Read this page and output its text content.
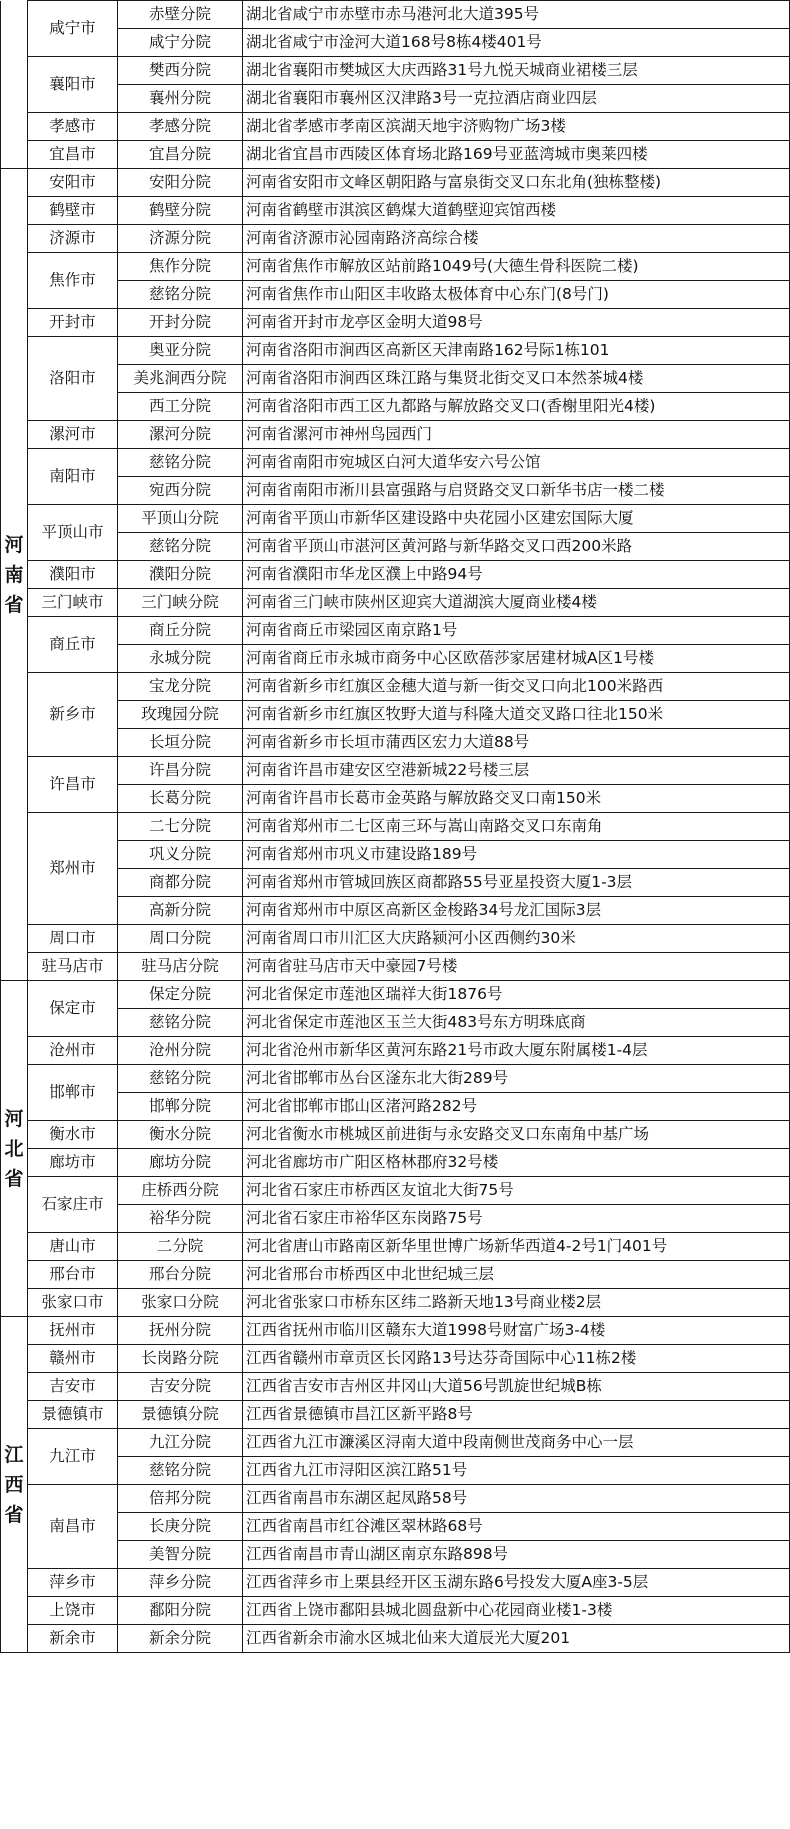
	咸宁市	赤壁分院	湖北省咸宁市赤壁市赤马港河北大道395号
		咸宁分院	湖北省咸宁市淦河大道168号8栋4楼401号
	襄阳市	樊西分院	湖北省襄阳市樊城区大庆西路31号九悦天城商业裙楼三层
		襄州分院	湖北省襄阳市襄州区汉津路3号一克拉酒店商业四层
	孝感市	孝感分院	湖北省孝感市孝南区滨湖天地宇济购物广场3楼
	宜昌市	宜昌分院	湖北省宜昌市西陵区体育场北路169号亚蓝湾城市奥莱四楼
河南省	安阳市	安阳分院	河南省安阳市文峰区朝阳路与富泉街交叉口东北角(独栋整楼)
	鹤壁市	鹤壁分院	河南省鹤壁市淇滨区鹤煤大道鹤壁迎宾馆西楼
	济源市	济源分院	河南省济源市沁园南路济高综合楼
	焦作市	焦作分院	河南省焦作市解放区站前路1049号(大德生骨科医院二楼)
		慈铭分院	河南省焦作市山阳区丰收路太极体育中心东门(8号门)
	开封市	开封分院	河南省开封市龙亭区金明大道98号
	洛阳市	奥亚分院	河南省洛阳市涧西区高新区天津南路162号际1栋101
		美兆涧西分院	河南省洛阳市涧西区珠江路与集贤北街交叉口本然茶城4楼
		西工分院	河南省洛阳市西工区九都路与解放路交叉口(香榭里阳光4楼)
	漯河市	漯河分院	河南省漯河市神州鸟园西门
	南阳市	慈铭分院	河南省南阳市宛城区白河大道华安六号公馆
		宛西分院	河南省南阳市淅川县富强路与启贤路交叉口新华书店一楼二楼
	平顶山市	平顶山分院	河南省平顶山市新华区建设路中央花园小区建宏国际大厦
		慈铭分院	河南省平顶山市湛河区黄河路与新华路交叉口西200米路
	濮阳市	濮阳分院	河南省濮阳市华龙区濮上中路94号
	三门峡市	三门峡分院	河南省三门峡市陕州区迎宾大道湖滨大厦商业楼4楼
	商丘市	商丘分院	河南省商丘市梁园区南京路1号
		永城分院	河南省商丘市永城市商务中心区欧蓓莎家居建材城A区1号楼
	新乡市	宝龙分院	河南省新乡市红旗区金穗大道与新一街交叉口向北100米路西
		玫瑰园分院	河南省新乡市红旗区牧野大道与科隆大道交叉路口往北150米
		长垣分院	河南省新乡市长垣市蒲西区宏力大道88号
	许昌市	许昌分院	河南省许昌市建安区空港新城22号楼三层
		长葛分院	河南省许昌市长葛市金英路与解放路交叉口南150米
	郑州市	二七分院	河南省郑州市二七区南三环与嵩山南路交叉口东南角
		巩义分院	河南省郑州市巩义市建设路189号
		商都分院	河南省郑州市管城回族区商都路55号亚星投资大厦1-3层
		高新分院	河南省郑州市中原区高新区金梭路34号龙汇国际3层
	周口市	周口分院	河南省周口市川汇区大庆路颍河小区西侧约30米
	驻马店市	驻马店分院	河南省驻马店市天中豪园7号楼
河北省	保定市	保定分院	河北省保定市莲池区瑞祥大街1876号
		慈铭分院	河北省保定市莲池区玉兰大街483号东方明珠底商
	沧州市	沧州分院	河北省沧州市新华区黄河东路21号市政大厦东附属楼1-4层
	邯郸市	慈铭分院	河北省邯郸市丛台区滏东北大街289号
		邯郸分院	河北省邯郸市邯山区渚河路282号
	衡水市	衡水分院	河北省衡水市桃城区前进街与永安路交叉口东南角中基广场
	廊坊市	廊坊分院	河北省廊坊市广阳区格林郡府32号楼
	石家庄市	庄桥西分院	河北省石家庄市桥西区友谊北大街75号
		裕华分院	河北省石家庄市裕华区东岗路75号
	唐山市	二分院	河北省唐山市路南区新华里世博广场新华西道4-2号1门401号
	邢台市	邢台分院	河北省邢台市桥西区中北世纪城三层
	张家口市	张家口分院	河北省张家口市桥东区纬二路新天地13号商业楼2层
江西省	抚州市	抚州分院	江西省抚州市临川区赣东大道1998号财富广场3-4楼
	赣州市	长岗路分院	江西省赣州市章贡区长冈路13号达芬奇国际中心11栋2楼
	吉安市	吉安分院	江西省吉安市吉州区井冈山大道56号凯旋世纪城B栋
	景德镇市	景德镇分院	江西省景德镇市昌江区新平路8号
	九江市	九江分院	江西省九江市濂溪区浔南大道中段南侧世茂商务中心一层
		慈铭分院	江西省九江市浔阳区滨江路51号
	南昌市	倍邦分院	江西省南昌市东湖区起凤路58号
		长庚分院	江西省南昌市红谷滩区翠林路68号
		美智分院	江西省南昌市青山湖区南京东路898号
	萍乡市	萍乡分院	江西省萍乡市上栗县经开区玉湖东路6号投发大厦A座3-5层
	上饶市	鄱阳分院	江西省上饶市鄱阳县城北圆盘新中心花园商业楼1-3楼
	新余市	新余分院	江西省新余市渝水区城北仙来大道辰光大厦201
